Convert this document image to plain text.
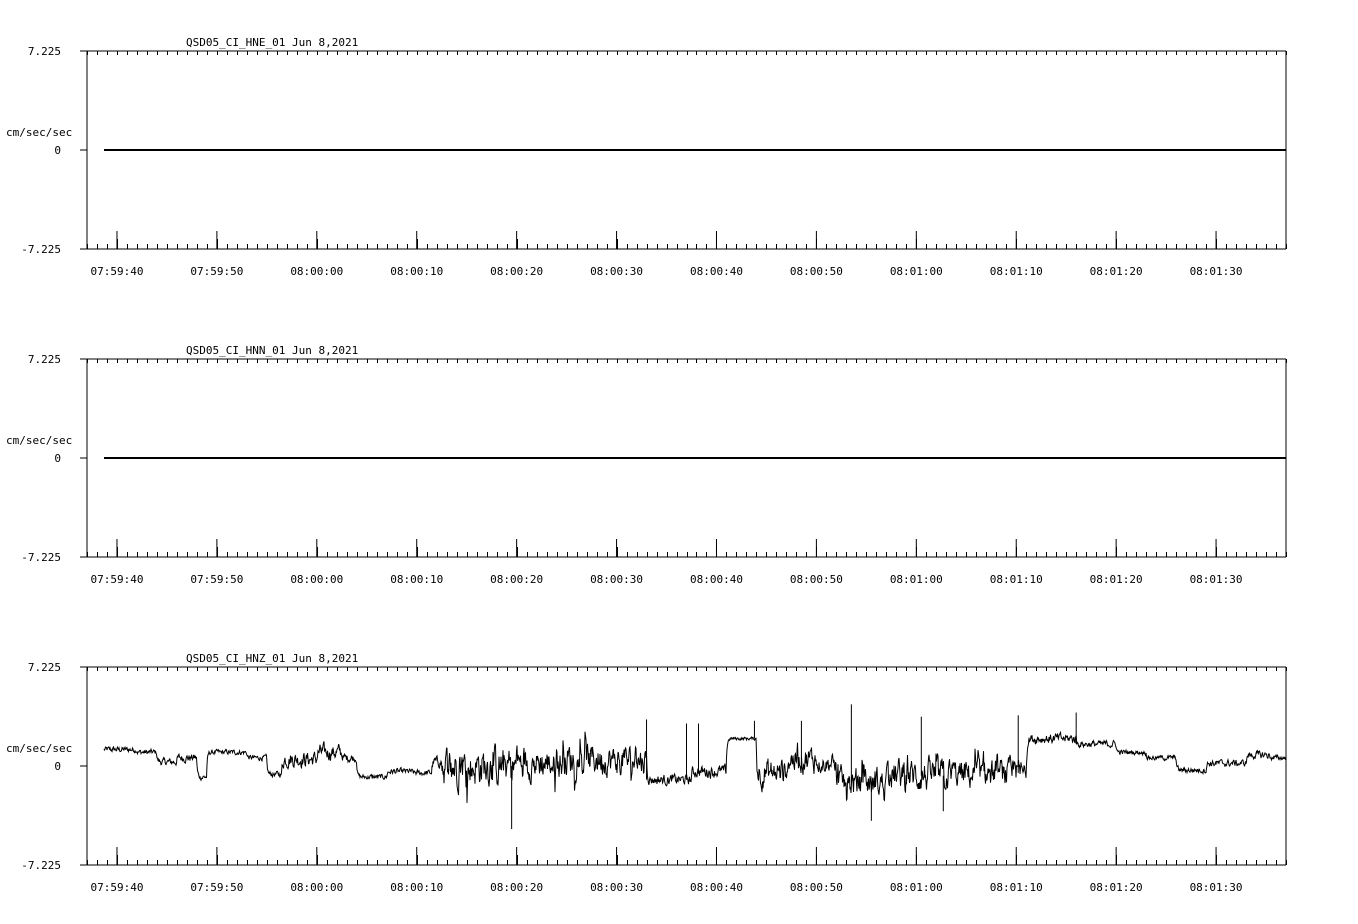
QSD05_CI_HNE_01 Jun 8,2021
7.225
0
-7.225
cm/sec/sec
07:59:40	07:59:50	08:00:00	08:00:10	08:00:20	08:00:30	08:00:40	08:00:50	08:01:00	08:01:10	08:01:20	08:01:30
QSD05_CI_HNN_01 Jun 8,2021
7.225
0
-7.225
cm/sec/sec
07:59:40	07:59:50	08:00:00	08:00:10	08:00:20	08:00:30	08:00:40	08:00:50	08:01:00	08:01:10	08:01:20	08:01:30
QSD05_CI_HNZ_01 Jun 8,2021
7.225
0
-7.225
cm/sec/sec
07:59:40	07:59:50	08:00:00	08:00:10	08:00:20	08:00:30	08:00:40	08:00:50	08:01:00	08:01:10	08:01:20	08:01:30
